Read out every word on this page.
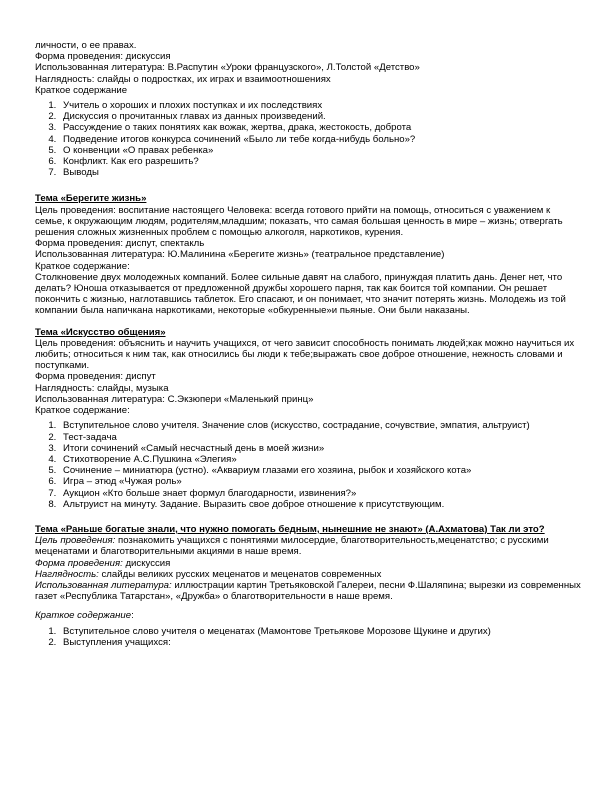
личности, о ее правах.
Форма проведения: дискуссия
Использованная литература: В.Распутин «Уроки французского», Л.Толстой «Детство»
Наглядность: слайды о подростках, их играх и взаимоотношениях
Краткое содержание
1. Учитель о хороших и плохих поступках и их последствиях
2. Дискуссия о прочитанных главах из данных произведений.
3. Рассуждение о таких понятиях как вожак, жертва, драка, жестокость, доброта
4. Подведение итогов конкурса сочинений «Было ли тебе когда-нибудь больно»?
5. О конвенции «О правах ребенка»
6. Конфликт. Как его разрешить?
7. Выводы
Тема «Берегите жизнь»
Цель проведения: воспитание настоящего Человека: всегда готового прийти на помощь, относиться с уважением к семье, к окружающим людям, родителям,младшим; показать, что самая большая ценность в мире – жизнь; отвергать решения сложных жизненных проблем с помощью алкоголя, наркотиков, курения.
Форма проведения: диспут, спектакль
Использованная литература: Ю.Малинина «Берегите жизнь» (театральное представление)
Краткое содержание:
Столкновение двух молодежных компаний. Более сильные давят на слабого, принуждая платить дань. Денег нет, что делать? Юноша отказывается от предложенной дружбы хорошего парня, так как боится той компании. Он решает покончить с жизнью, наглотавшись таблеток. Его спасают, и он понимает, что значит потерять жизнь. Молодежь из той компании была напичкана наркотиками, некоторые «обкуренные»и пьяные. Они были наказаны.
Тема «Искусство общения»
Цель проведения: объяснить и научить учащихся, от чего зависит способность понимать людей;как можно научиться их любить; относиться к ним так, как относились бы люди к тебе;выражать свое доброе отношение, нежность словами и поступками.
Форма проведения: диспут
Наглядность: слайды, музыка
Использованная литература: С.Экзюпери «Маленький принц»
Краткое содержание:
1. Вступительное слово учителя. Значение слов (искусство, сострадание, сочувствие, эмпатия, альтруист)
2. Тест-задача
3. Итоги сочинений «Самый несчастный день в моей жизни»
4. Стихотворение А.С.Пушкина «Элегия»
5. Сочинение – миниатюра (устно). «Аквариум глазами его хозяина, рыбок и хозяйского кота»
6. Игра – этюд «Чужая роль»
7. Аукцион «Кто больше знает формул благодарности, извинения?»
8. Альтруист на минуту. Задание. Выразить свое доброе отношение к присутствующим.
Тема «Раньше богатые знали, что нужно помогать бедным, нынешние не знают» (А.Ахматова) Так ли это?
Цель проведения: познакомить учащихся с понятиями милосердие, благотворительность,меценатство; с русскими меценатами и благотворительными акциями в наше время.
Форма проведения: дискуссия
Наглядность: слайды великих русских меценатов и меценатов современных
Использованная литература: иллюстрации картин Третьяковской Галереи, песни Ф.Шаляпина; вырезки из современных газет «Республика Татарстан», «Дружба» о благотворительности в наше время.
Краткое содержание:
1. Вступительное слово учителя о меценатах (Мамонтове Третьякове Морозове Щукине и других)
2. Выступления учащихся:
